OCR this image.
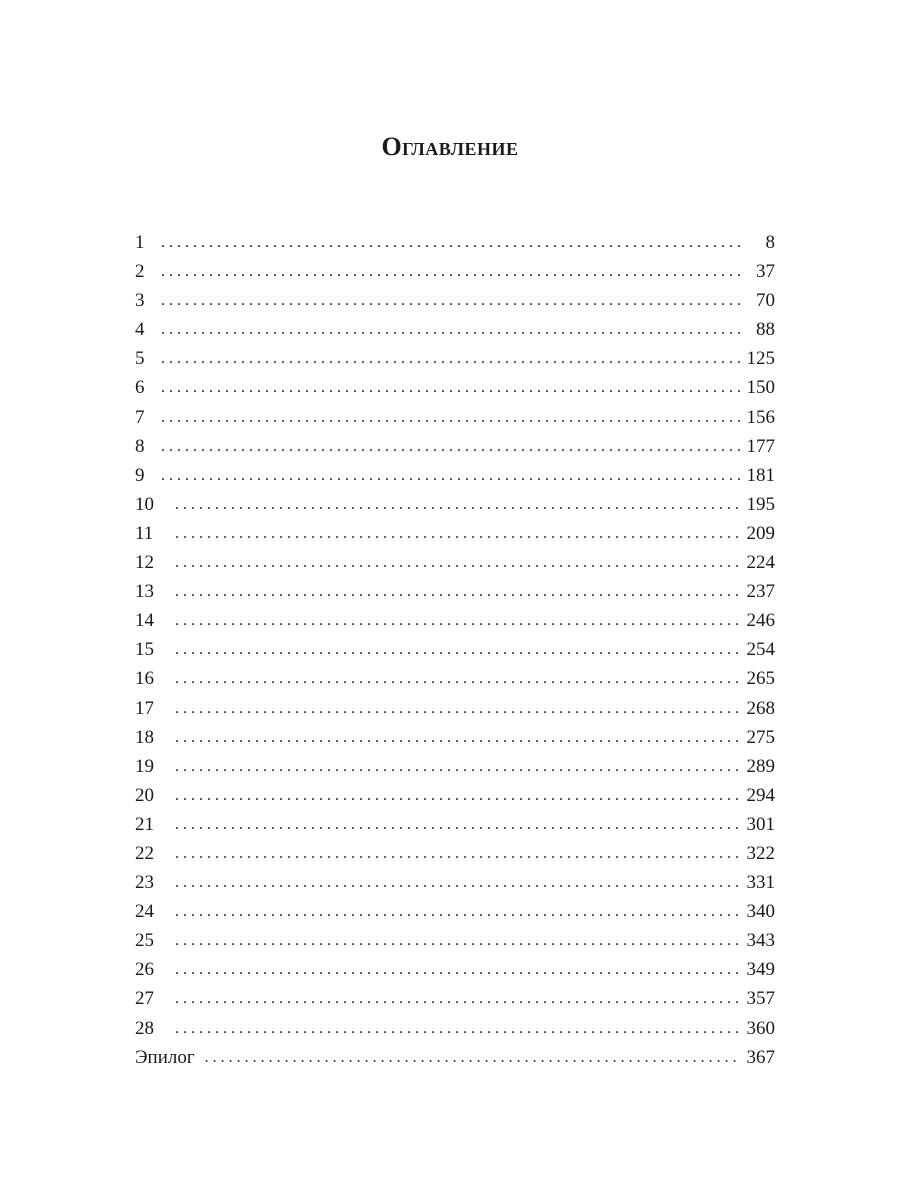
Оглавление
1 . . .	8
2 . . .	37
3 . . .	70
4 . . .	88
5 . . .	125
6 . . .	150
7 . . .	156
8 . . .	177
9 . . .	181
10 . . .	195
11 . . .	209
12 . . .	224
13 . . .	237
14 . . .	246
15 . . .	254
16 . . .	265
17 . . .	268
18 . . .	275
19 . . .	289
20 . . .	294
21 . . .	301
22 . . .	322
23 . . .	331
24 . . .	340
25 . . .	343
26 . . .	349
27 . . .	357
28 . . .	360
Эпилог . . .	367
